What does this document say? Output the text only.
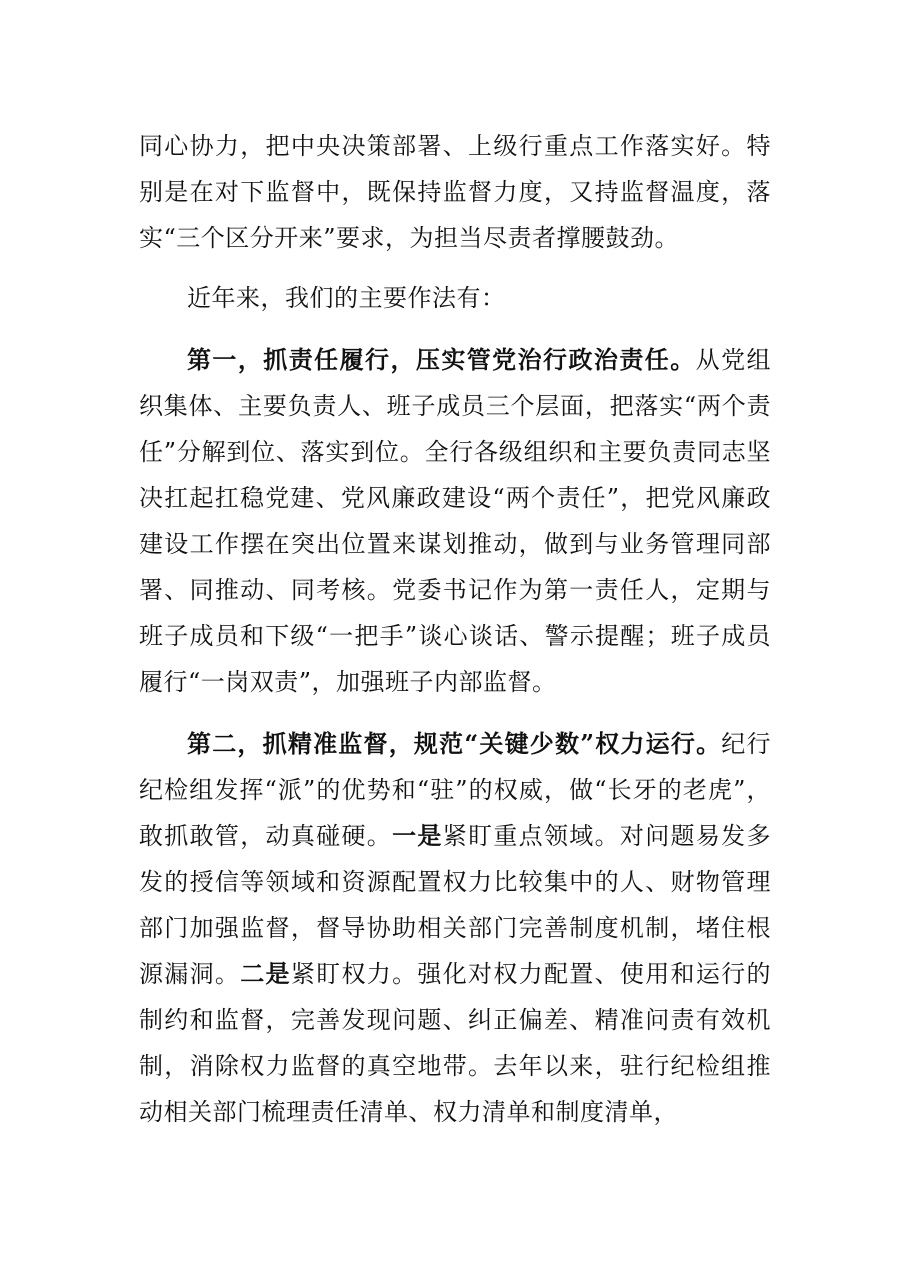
同心协力，把中央决策部署、上级行重点工作落实好。特别是在对下监督中，既保持监督力度，又持监督温度，落实“三个区分开来”要求，为担当尽责者撑腰鼓劲。

近年来，我们的主要作法有：

第一，抓责任履行，压实管党治行政治责任。从党组织集体、主要负责人、班子成员三个层面，把落实“两个责任”分解到位、落实到位。全行各级组织和主要负责同志坚决扛起扛稳党建、党风廉政建设“两个责任”，把党风廉政建设工作摆在突出位置来谋划推动，做到与业务管理同部署、同推动、同考核。党委书记作为第一责任人，定期与班子成员和下级“一把手”谈心谈话、警示提醒；班子成员履行“一岗双责”，加强班子内部监督。

第二，抓精准监督，规范“关键少数”权力运行。纪行纪检组发挥“派”的优势和“驻”的权威，做“长牙的老虎”，敢抓敢管，动真碰硬。一是紧盯重点领域。对问题易发多发的授信等领域和资源配置权力比较集中的人、财物管理部门加强监督，督导协助相关部门完善制度机制，堵住根源漏洞。二是紧盯权力。强化对权力配置、使用和运行的制约和监督，完善发现问题、纠正偏差、精准问责有效机制，消除权力监督的真空地带。去年以来，驻行纪检组推动相关部门梳理责任清单、权力清单和制度清单，
